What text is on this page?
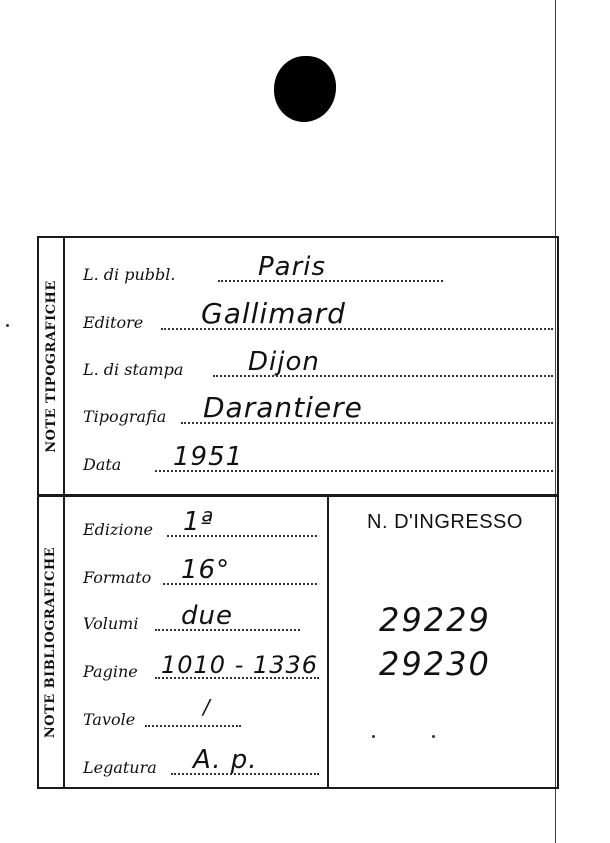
NOTE TIPOGRAFICHE
L. di pubbl.	Paris
Editore Gallimard
L. di stampa Dijon
Tipografia Darantiere
Data 1951
NOTE BIBLIOGRAFICHE
Edizione 1ª
Formato 16°
Volumi due
Pagine 1010 - 1336
Tavole
/
Legatura A. p.
N. D'INGRESSO
29229
29230
